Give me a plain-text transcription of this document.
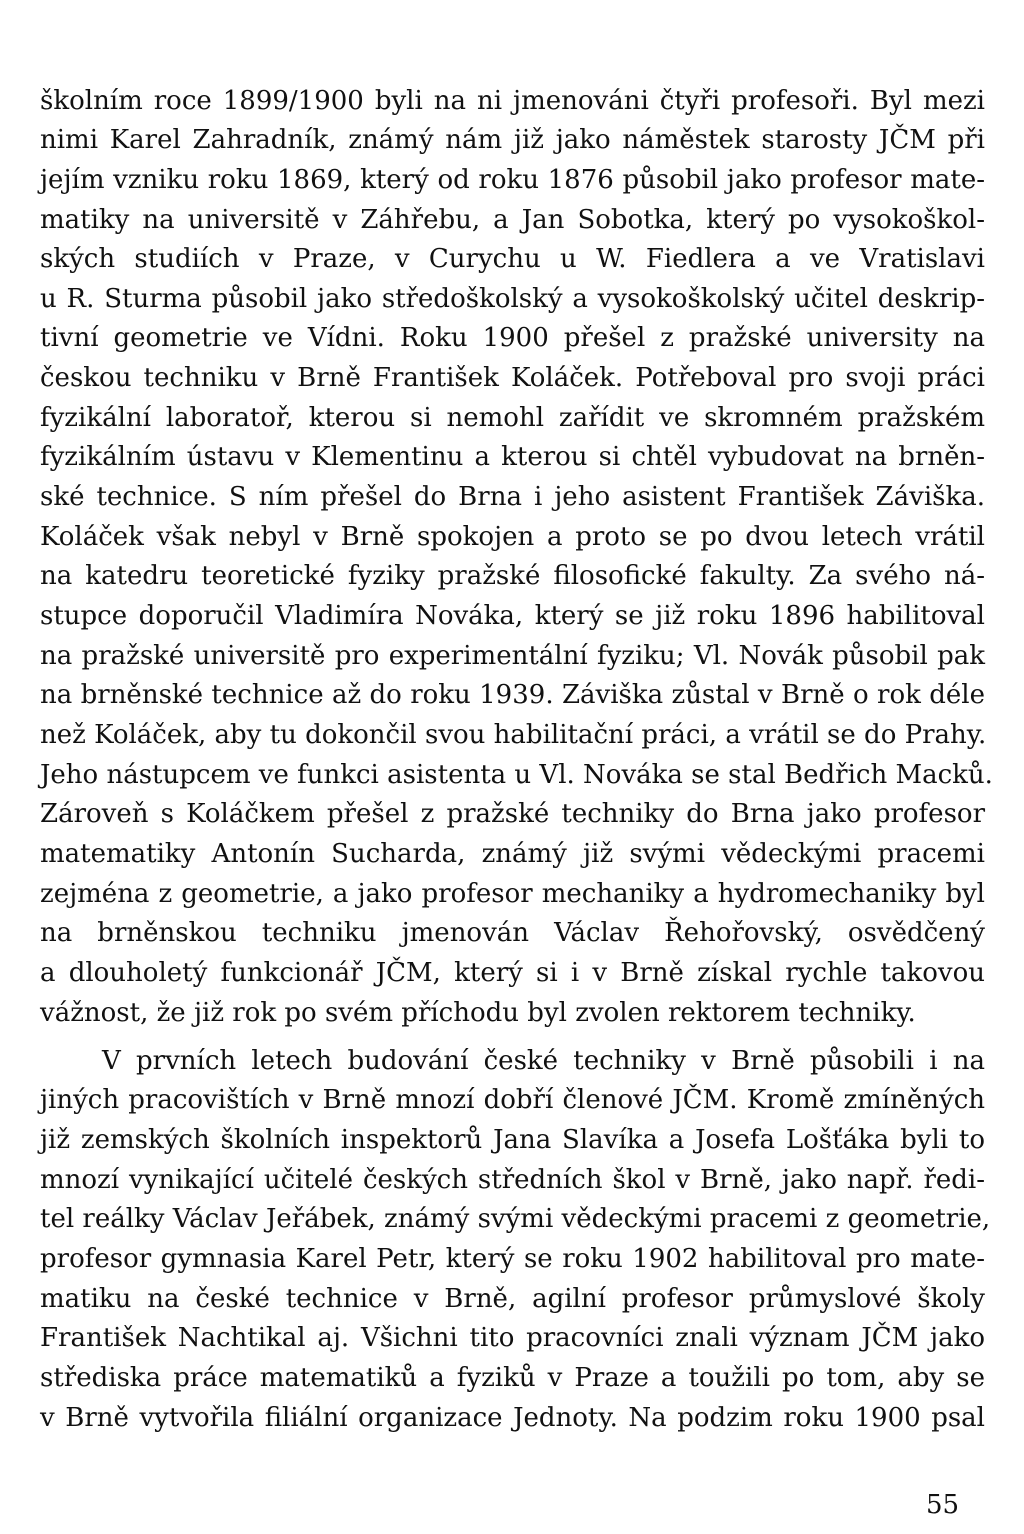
školním roce 1899/1900 byli na ni jmenováni čtyři profesoři. Byl mezi
nimi Karel Zahradník, známý nám již jako náměstek starosty JČM při
jejím vzniku roku 1869, který od roku 1876 působil jako profesor mate-
matiky na universitě v Záhřebu, a Jan Sobotka, který po vysokoškol-
ských studiích v Praze, v Curychu u W. Fiedlera a ve Vratislavi
u R. Sturma působil jako středoškolský a vysokoškolský učitel deskrip-
tivní geometrie ve Vídni. Roku 1900 přešel z pražské university na
českou techniku v Brně František Koláček. Potřeboval pro svoji práci
fyzikální laboratoř, kterou si nemohl zařídit ve skromném pražském
fyzikálním ústavu v Klementinu a kterou si chtěl vybudovat na brněn-
ské technice. S ním přešel do Brna i jeho asistent František Záviška.
Koláček však nebyl v Brně spokojen a proto se po dvou letech vrátil
na katedru teoretické fyziky pražské filosofické fakulty. Za svého ná-
stupce doporučil Vladimíra Nováka, který se již roku 1896 habilitoval
na pražské universitě pro experimentální fyziku; Vl. Novák působil pak
na brněnské technice až do roku 1939. Záviška zůstal v Brně o rok déle
než Koláček, aby tu dokončil svou habilitační práci, a vrátil se do Prahy.
Jeho nástupcem ve funkci asistenta u Vl. Nováka se stal Bedřich Macků.
Zároveň s Koláčkem přešel z pražské techniky do Brna jako profesor
matematiky Antonín Sucharda, známý již svými vědeckými pracemi
zejména z geometrie, a jako profesor mechaniky a hydromechaniky byl
na brněnskou techniku jmenován Václav Řehořovský, osvědčený
a dlouholetý funkcionář JČM, který si i v Brně získal rychle takovou
vážnost, že již rok po svém příchodu byl zvolen rektorem techniky.
V prvních letech budování české techniky v Brně působili i na
jiných pracovištích v Brně mnozí dobří členové JČM. Kromě zmíněných
již zemských školních inspektorů Jana Slavíka a Josefa Lošťáka byli to
mnozí vynikající učitelé českých středních škol v Brně, jako např. ředi-
tel reálky Václav Jeřábek, známý svými vědeckými pracemi z geometrie,
profesor gymnasia Karel Petr, který se roku 1902 habilitoval pro mate-
matiku na české technice v Brně, agilní profesor průmyslové školy
František Nachtikal aj. Všichni tito pracovníci znali význam JČM jako
střediska práce matematiků a fyziků v Praze a toužili po tom, aby se
v Brně vytvořila filiální organizace Jednoty. Na podzim roku 1900 psal
55
